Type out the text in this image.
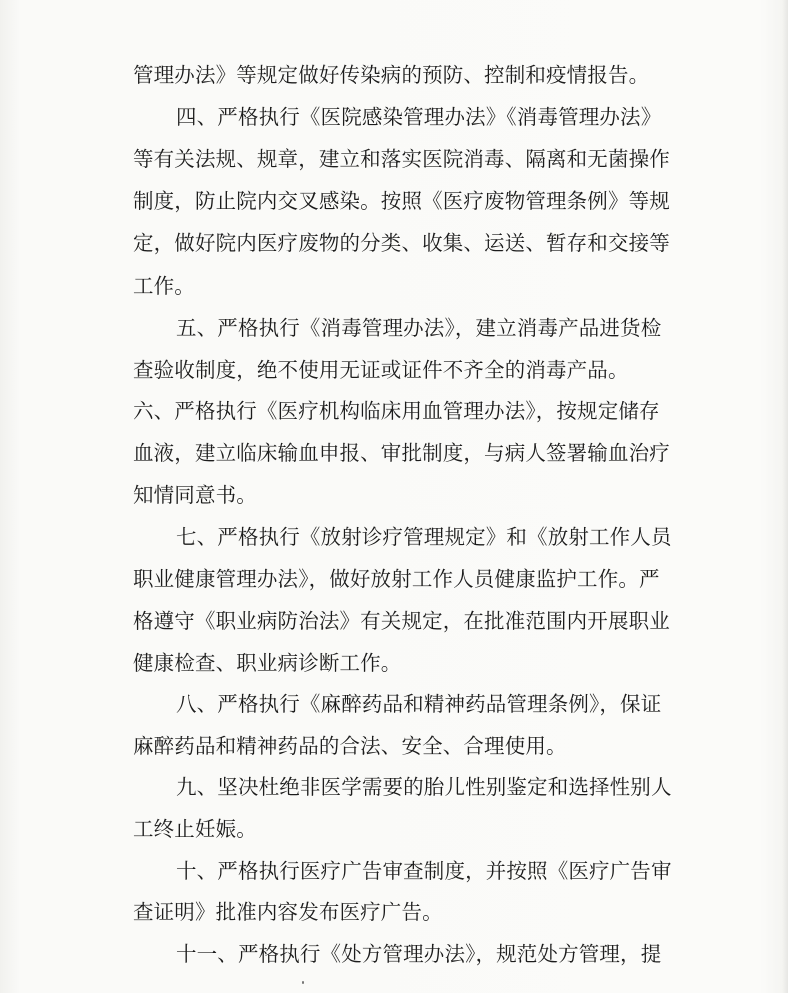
管理办法》等规定做好传染病的预防、控制和疫情报告。
四、严格执行《医院感染管理办法》《消毒管理办法》
等有关法规、规章，建立和落实医院消毒、隔离和无菌操作
制度，防止院内交叉感染。按照《医疗废物管理条例》等规
定，做好院内医疗废物的分类、收集、运送、暂存和交接等
工作。
五、严格执行《消毒管理办法》，建立消毒产品进货检
查验收制度，绝不使用无证或证件不齐全的消毒产品。
六、严格执行《医疗机构临床用血管理办法》，按规定储存
血液，建立临床输血申报、审批制度，与病人签署输血治疗
知情同意书。
七、严格执行《放射诊疗管理规定》和《放射工作人员
职业健康管理办法》，做好放射工作人员健康监护工作。严
格遵守《职业病防治法》有关规定，在批准范围内开展职业
健康检查、职业病诊断工作。
八、严格执行《麻醉药品和精神药品管理条例》，保证
麻醉药品和精神药品的合法、安全、合理使用。
九、坚决杜绝非医学需要的胎儿性别鉴定和选择性别人
工终止妊娠。
十、严格执行医疗广告审查制度，并按照《医疗广告审
查证明》批准内容发布医疗广告。
十一、严格执行《处方管理办法》，规范处方管理，提
